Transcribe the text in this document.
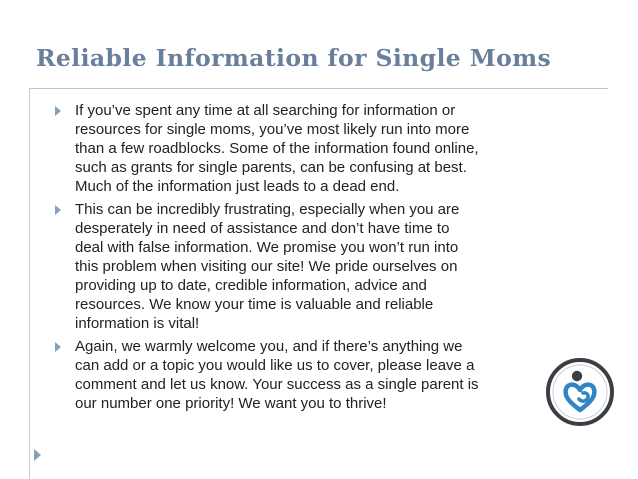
Reliable Information for Single Moms
If you’ve spent any time at all searching for information or
resources for single moms, you’ve most likely run into more
than a few roadblocks. Some of the information found online,
such as grants for single parents, can be confusing at best.
Much of the information just leads to a dead end.
This can be incredibly frustrating, especially when you are
desperately in need of assistance and don’t have time to
deal with false information. We promise you won’t run into
this problem when visiting our site! We pride ourselves on
providing up to date, credible information, advice and
resources. We know your time is valuable and reliable
information is vital!
Again, we warmly welcome you, and if there’s anything we
can add or a topic you would like us to cover, please leave a
comment and let us know. Your success as a single parent is
our number one priority! We want you to thrive!
